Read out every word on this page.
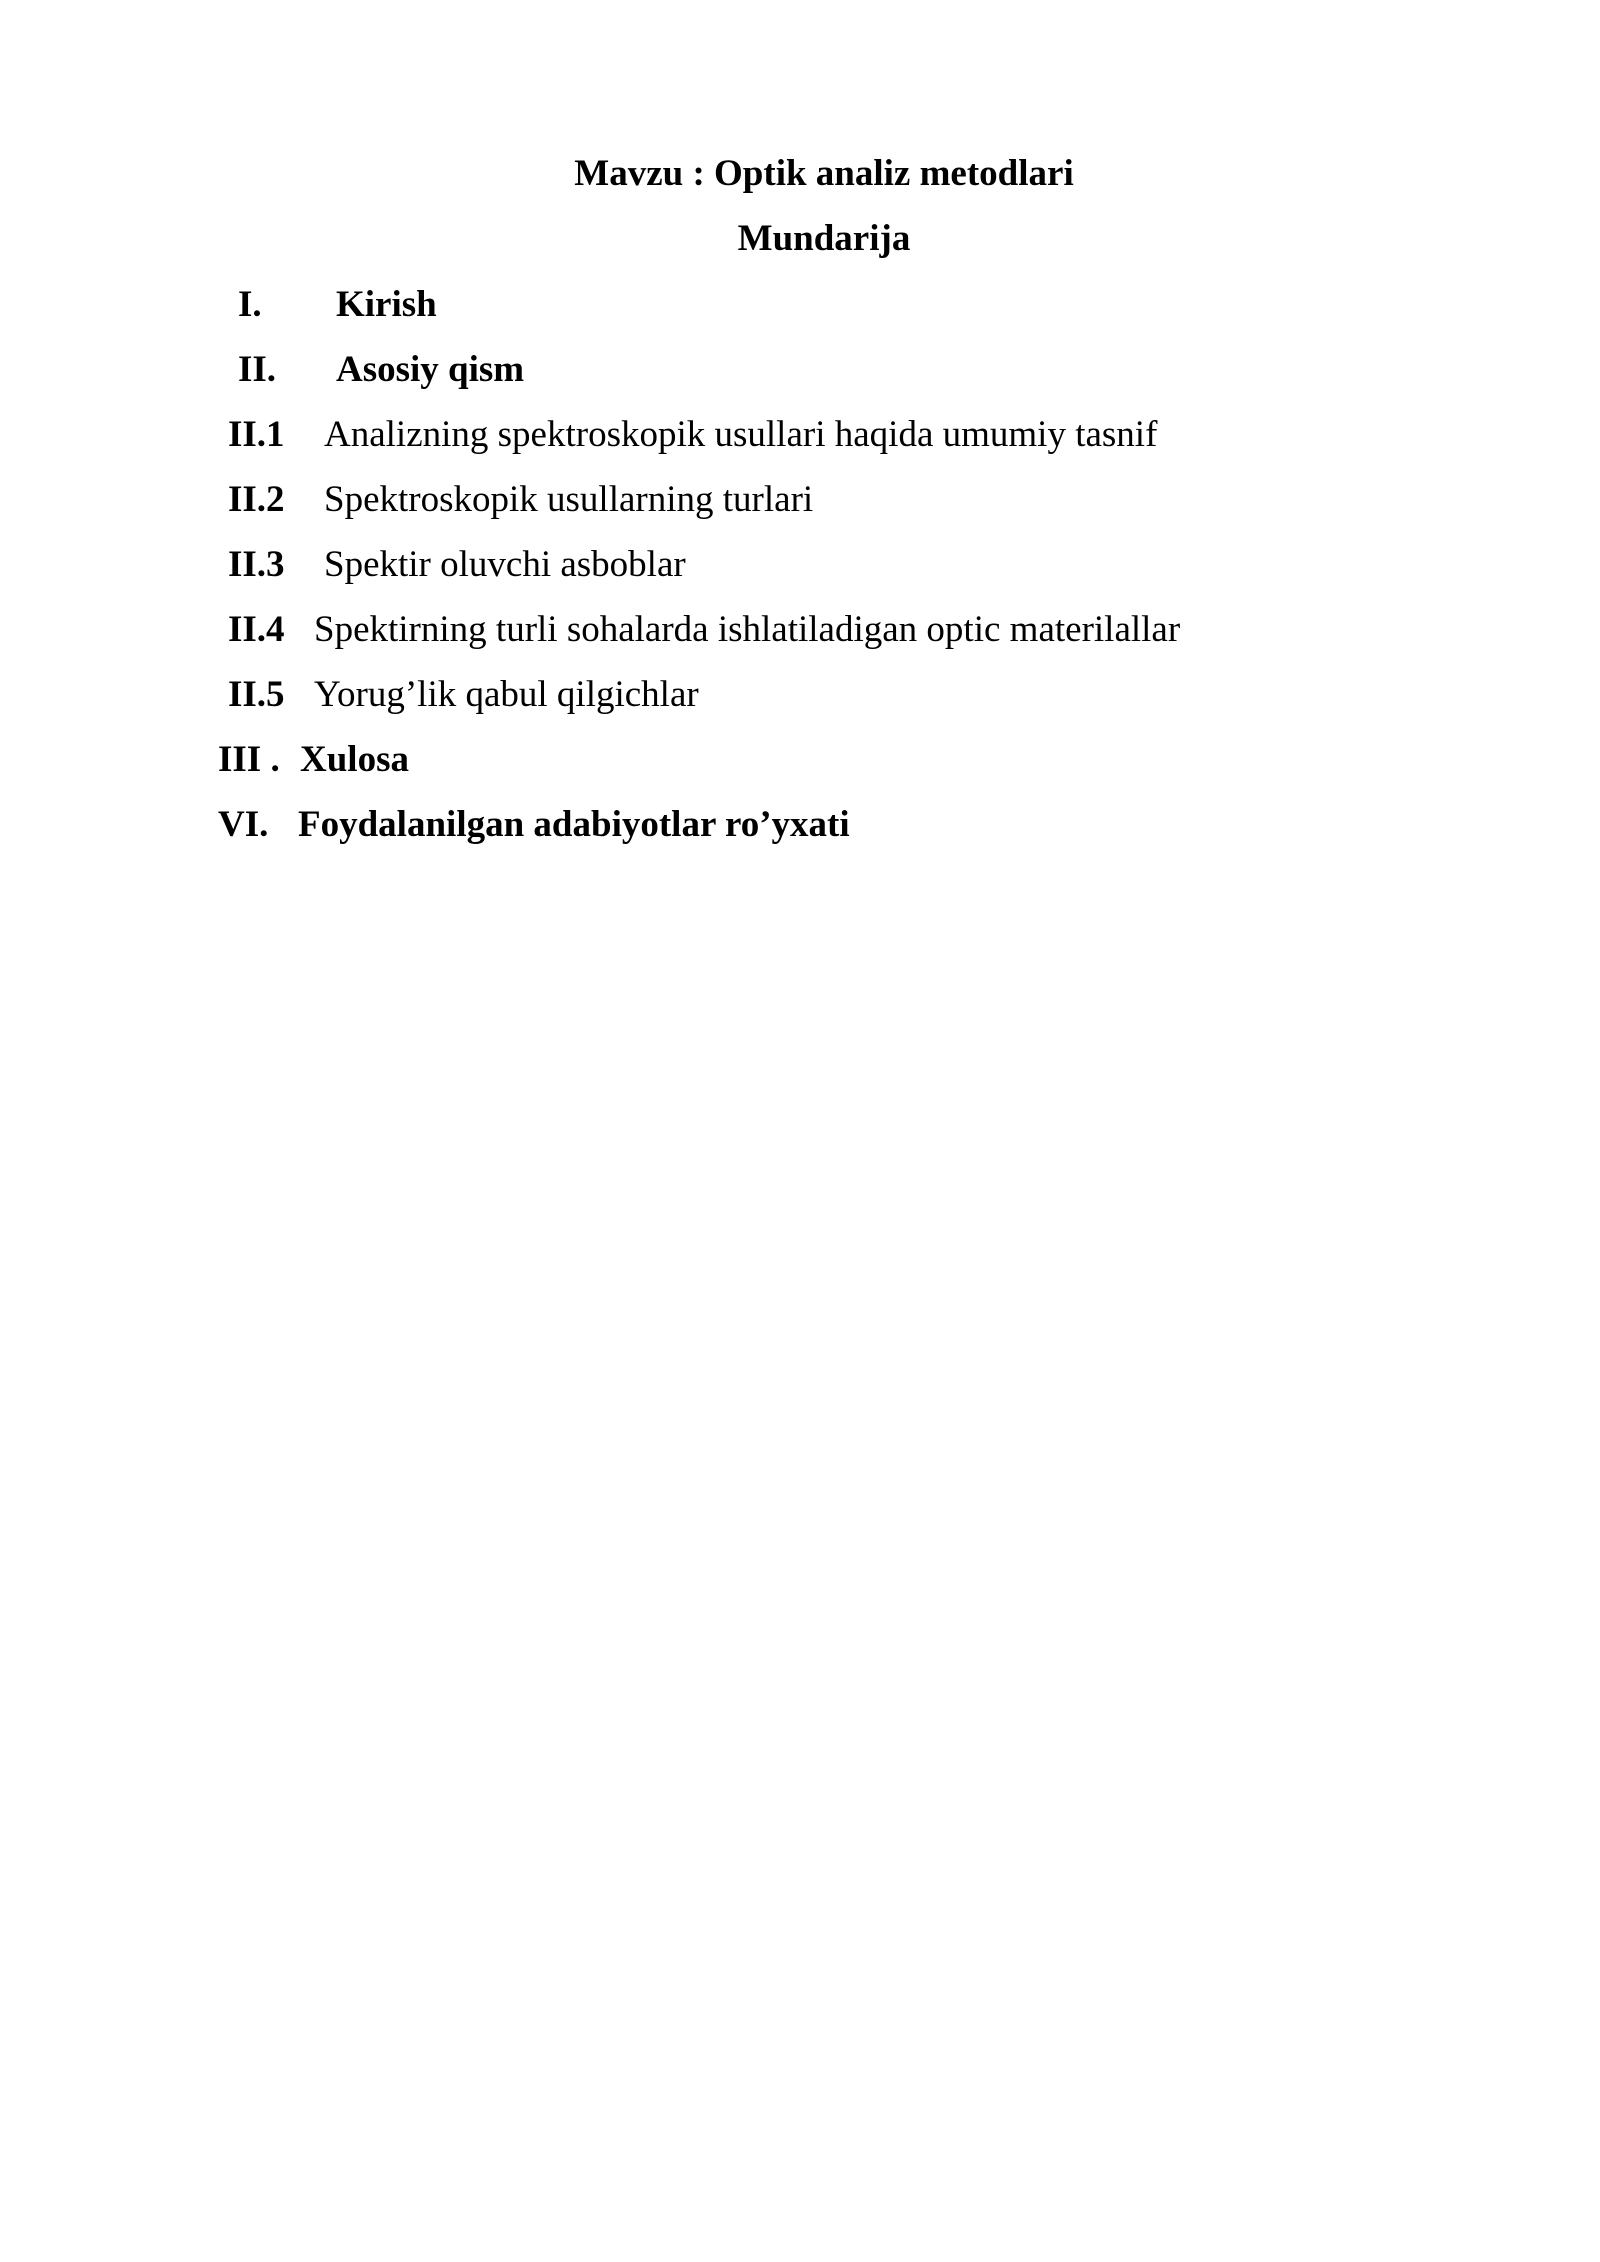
Mavzu : Optik analiz metodlari
Mundarija
I. Kirish
II. Asosiy qism
II.1 Analizning spektroskopik usullari haqida umumiy tasnif
II.2 Spektroskopik usullarning turlari
II.3 Spektir oluvchi asboblar
II.4 Spektirning turli sohalarda ishlatiladigan optic materilallar
II.5 Yorug’lik qabul qilgichlar
III . Xulosa
VI. Foydalanilgan adabiyotlar ro’yxati
